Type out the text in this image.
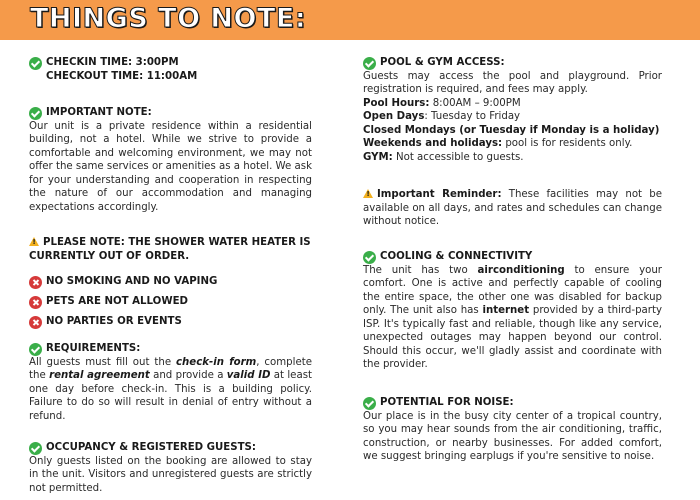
THINGS TO NOTE:
CHECKIN TIME: 3:00PM
CHECKOUT TIME: 11:00AM
IMPORTANT NOTE:
Our unit is a private residence within a residential building, not a hotel. While we strive to provide a comfortable and welcoming environment, we may not offer the same services or amenities as a hotel. We ask for your understanding and cooperation in respecting the nature of our accommodation and managing expectations accordingly.
!PLEASE NOTE: THE SHOWER WATER HEATER IS
CURRENTLY OUT OF ORDER.
NO SMOKING AND NO VAPING
PETS ARE NOT ALLOWED
NO PARTIES OR EVENTS
REQUIREMENTS:
All guests must fill out the check-in form, complete the rental agreement and provide a valid ID at least one day before check-in. This is a building policy. Failure to do so will result in denial of entry without a refund.
OCCUPANCY & REGISTERED GUESTS:
Only guests listed on the booking are allowed to stay in the unit. Visitors and unregistered guests are strictly not permitted.
POOL & GYM ACCESS:
Guests may access the pool and playground. Prior registration is required, and fees may apply.
Pool Hours: 8:00AM – 9:00PM
Open Days: Tuesday to Friday
Closed Mondays (or Tuesday if Monday is a holiday)
Weekends and holidays: pool is for residents only.
GYM: Not accessible to guests.
!Important Reminder: These facilities may not be available on all days, and rates and schedules can change without notice.
COOLING & CONNECTIVITY
The unit has two airconditioning to ensure your comfort. One is active and perfectly capable of cooling the entire space, the other one was disabled for backup only. The unit also has internet provided by a third-party ISP. It's typically fast and reliable, though like any service, unexpected outages may happen beyond our control. Should this occur, we'll gladly assist and coordinate with the provider.
POTENTIAL FOR NOISE:
Our place is in the busy city center of a tropical country, so you may hear sounds from the air conditioning, traffic, construction, or nearby businesses. For added comfort, we suggest bringing earplugs if you're sensitive to noise.
